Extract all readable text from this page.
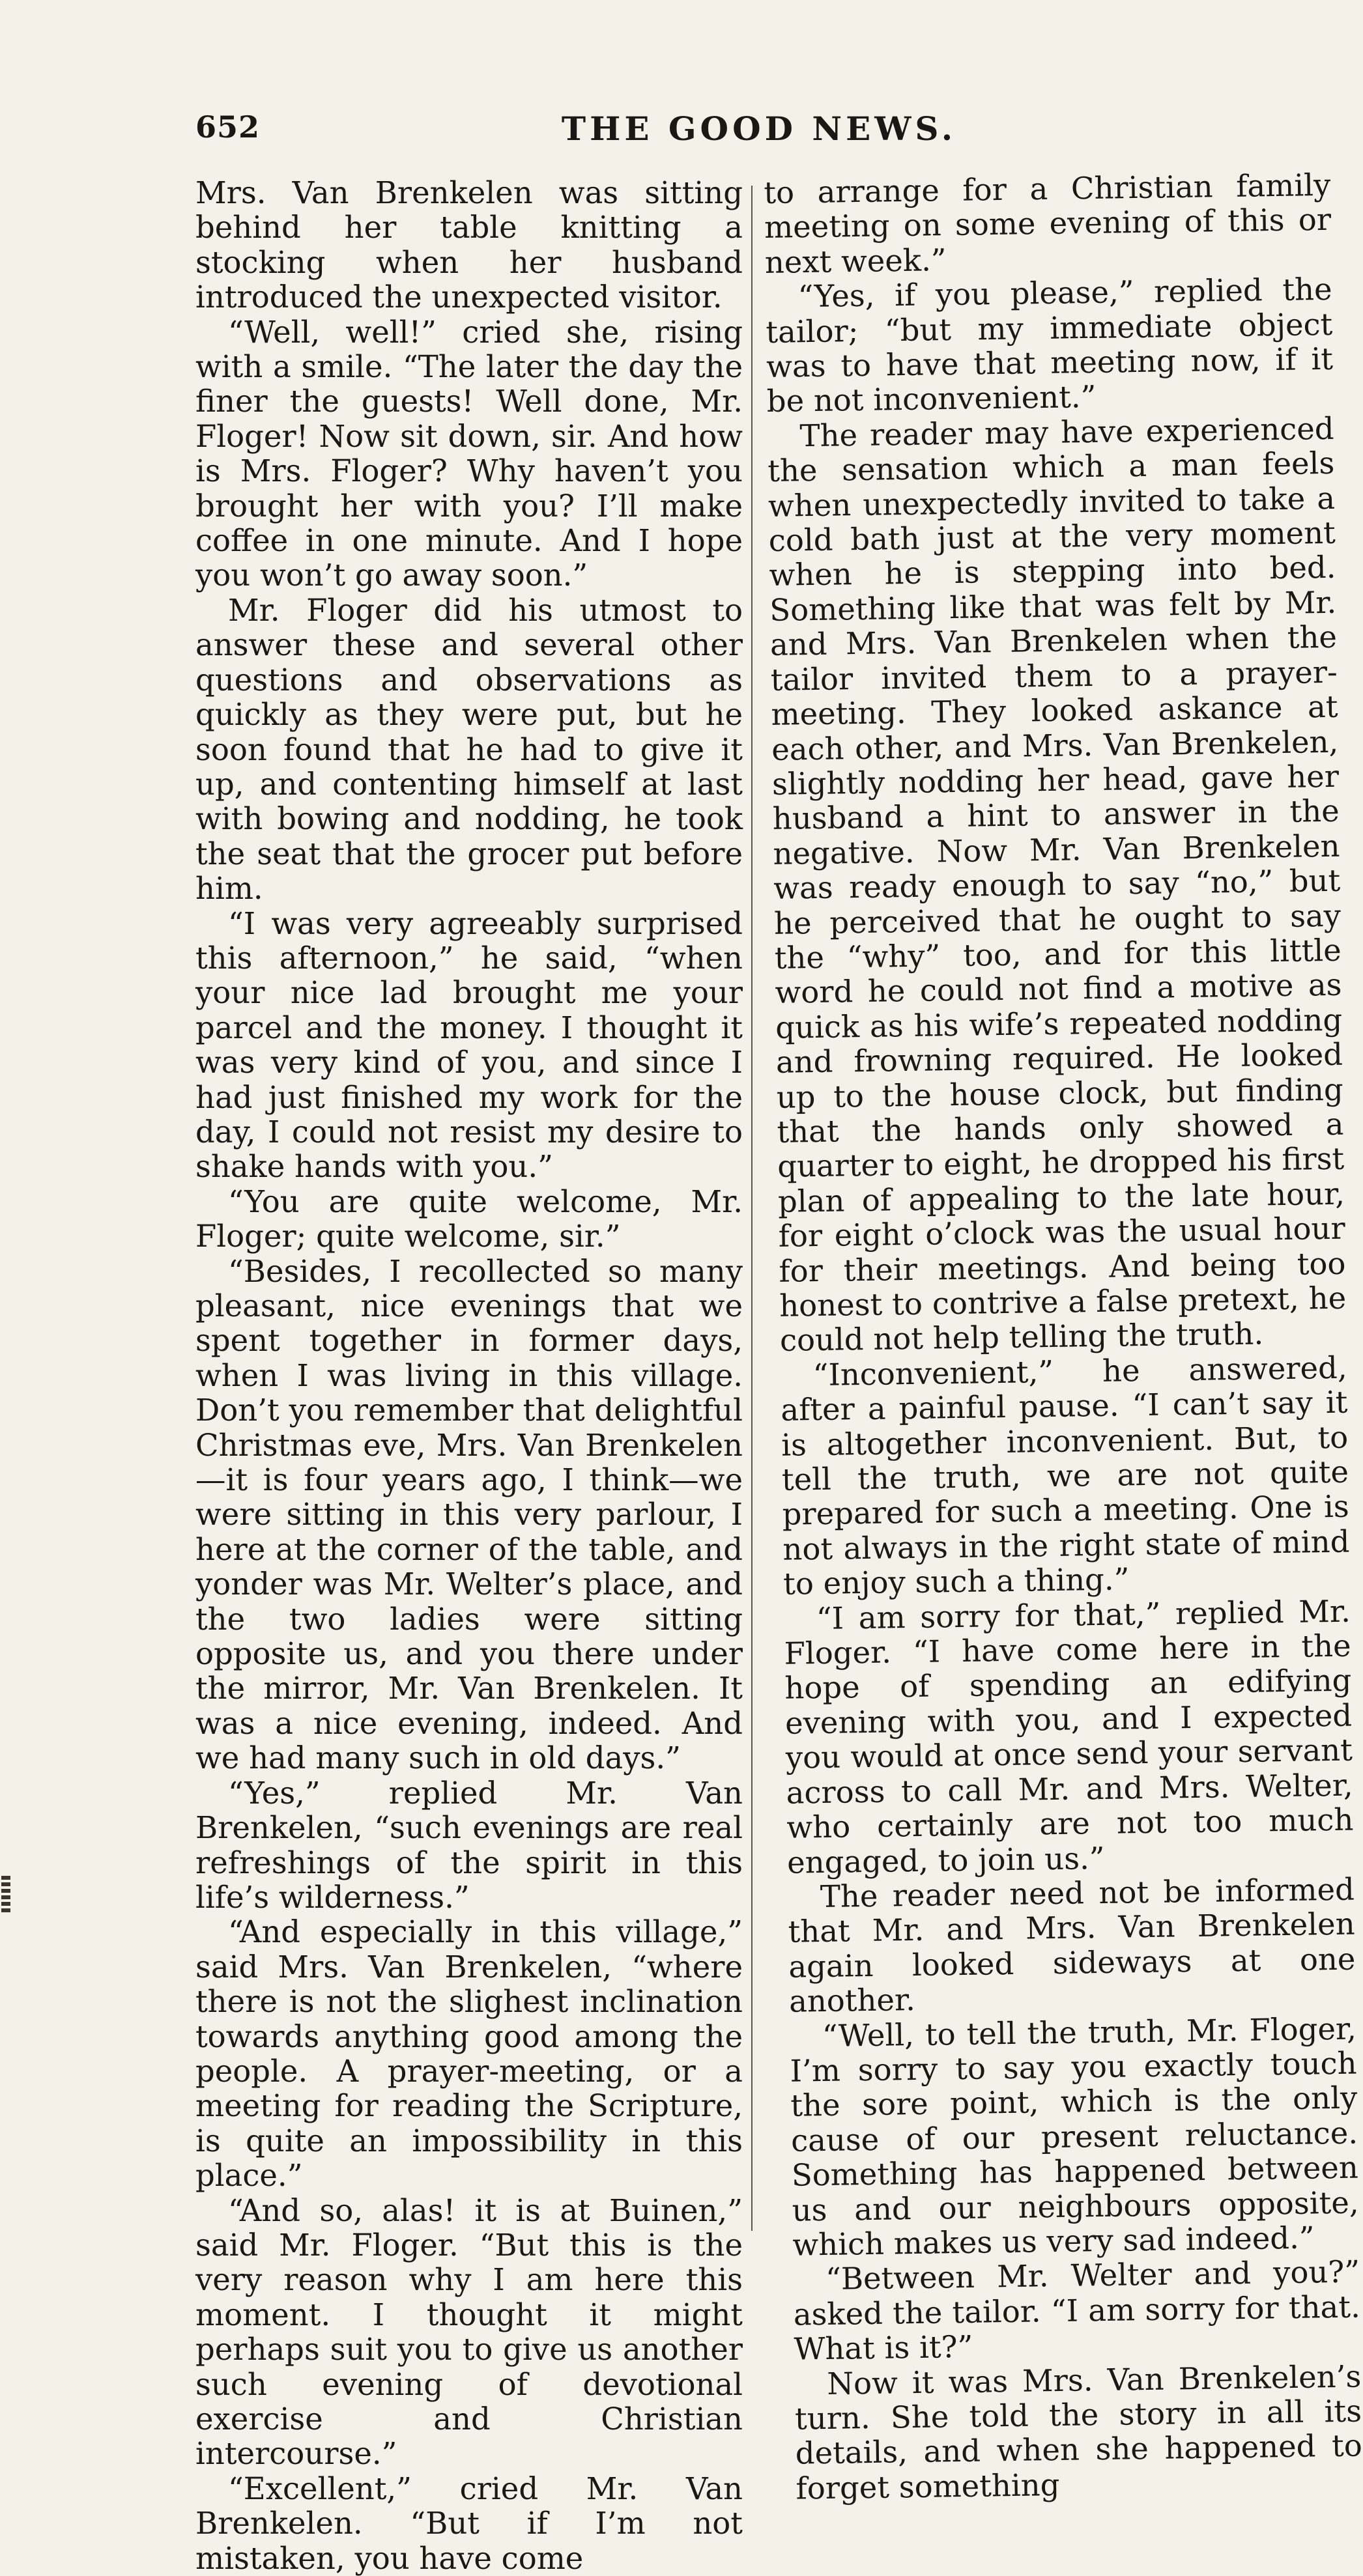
652	THE GOOD NEWS.

Mrs. Van Brenkelen was sitting behind her table knitting a stocking when her husband introduced the unexpected visitor.

“Well, well!” cried she, rising with a smile. “The later the day the finer the guests! Well done, Mr. Floger! Now sit down, sir. And how is Mrs. Floger? Why haven’t you brought her with you? I’ll make coffee in one minute. And I hope you won’t go away soon.”

Mr. Floger did his utmost to answer these and several other questions and observations as quickly as they were put, but he soon found that he had to give it up, and contenting himself at last with bowing and nodding, he took the seat that the grocer put before him.

“I was very agreeably surprised this afternoon,” he said, “when your nice lad brought me your parcel and the money. I thought it was very kind of you, and since I had just finished my work for the day, I could not resist my desire to shake hands with you.”

“You are quite welcome, Mr. Floger; quite welcome, sir.”

“Besides, I recollected so many pleasant, nice evenings that we spent together in former days, when I was living in this village. Don’t you remember that delightful Christmas eve, Mrs. Van Brenkelen—it is four years ago, I think—we were sitting in this very parlour, I here at the corner of the table, and yonder was Mr. Welter’s place, and the two ladies were sitting opposite us, and you there under the mirror, Mr. Van Brenkelen. It was a nice evening, indeed. And we had many such in old days.”

“Yes,” replied Mr. Van Brenkelen, “such evenings are real refreshings of the spirit in this life’s wilderness.”

“And especially in this village,” said Mrs. Van Brenkelen, “where there is not the slighest inclination towards anything good among the people. A prayer-meeting, or a meeting for reading the Scripture, is quite an impossibility in this place.”

“And so, alas! it is at Buinen,” said Mr. Floger. “But this is the very reason why I am here this moment. I thought it might perhaps suit you to give us another such evening of devotional exercise and Christian intercourse.”

“Excellent,” cried Mr. Van Brenkelen. “But if I’m not mistaken, you have come

to arrange for a Christian family meeting on some evening of this or next week.”

“Yes, if you please,” replied the tailor; “but my immediate object was to have that meeting now, if it be not inconvenient.”

The reader may have experienced the sensation which a man feels when unexpectedly invited to take a cold bath just at the very moment when he is stepping into bed. Something like that was felt by Mr. and Mrs. Van Brenkelen when the tailor invited them to a prayer-meeting. They looked askance at each other, and Mrs. Van Brenkelen, slightly nodding her head, gave her husband a hint to answer in the negative. Now Mr. Van Brenkelen was ready enough to say “no,” but he perceived that he ought to say the “why” too, and for this little word he could not find a motive as quick as his wife’s repeated nodding and frowning required. He looked up to the house clock, but finding that the hands only showed a quarter to eight, he dropped his first plan of appealing to the late hour, for eight o’clock was the usual hour for their meetings. And being too honest to contrive a false pretext, he could not help telling the truth.

“Inconvenient,” he answered, after a painful pause. “I can’t say it is altogether inconvenient. But, to tell the truth, we are not quite prepared for such a meeting. One is not always in the right state of mind to enjoy such a thing.”

“I am sorry for that,” replied Mr. Floger. “I have come here in the hope of spending an edifying evening with you, and I expected you would at once send your servant across to call Mr. and Mrs. Welter, who certainly are not too much engaged, to join us.”

The reader need not be informed that Mr. and Mrs. Van Brenkelen again looked sideways at one another.

“Well, to tell the truth, Mr. Floger, I’m sorry to say you exactly touch the sore point, which is the only cause of our present reluctance. Something has happened between us and our neighbours opposite, which makes us very sad indeed.”

“Between Mr. Welter and you?” asked the tailor. “I am sorry for that. What is it?”

Now it was Mrs. Van Brenkelen’s turn. She told the story in all its details, and when she happened to forget something
